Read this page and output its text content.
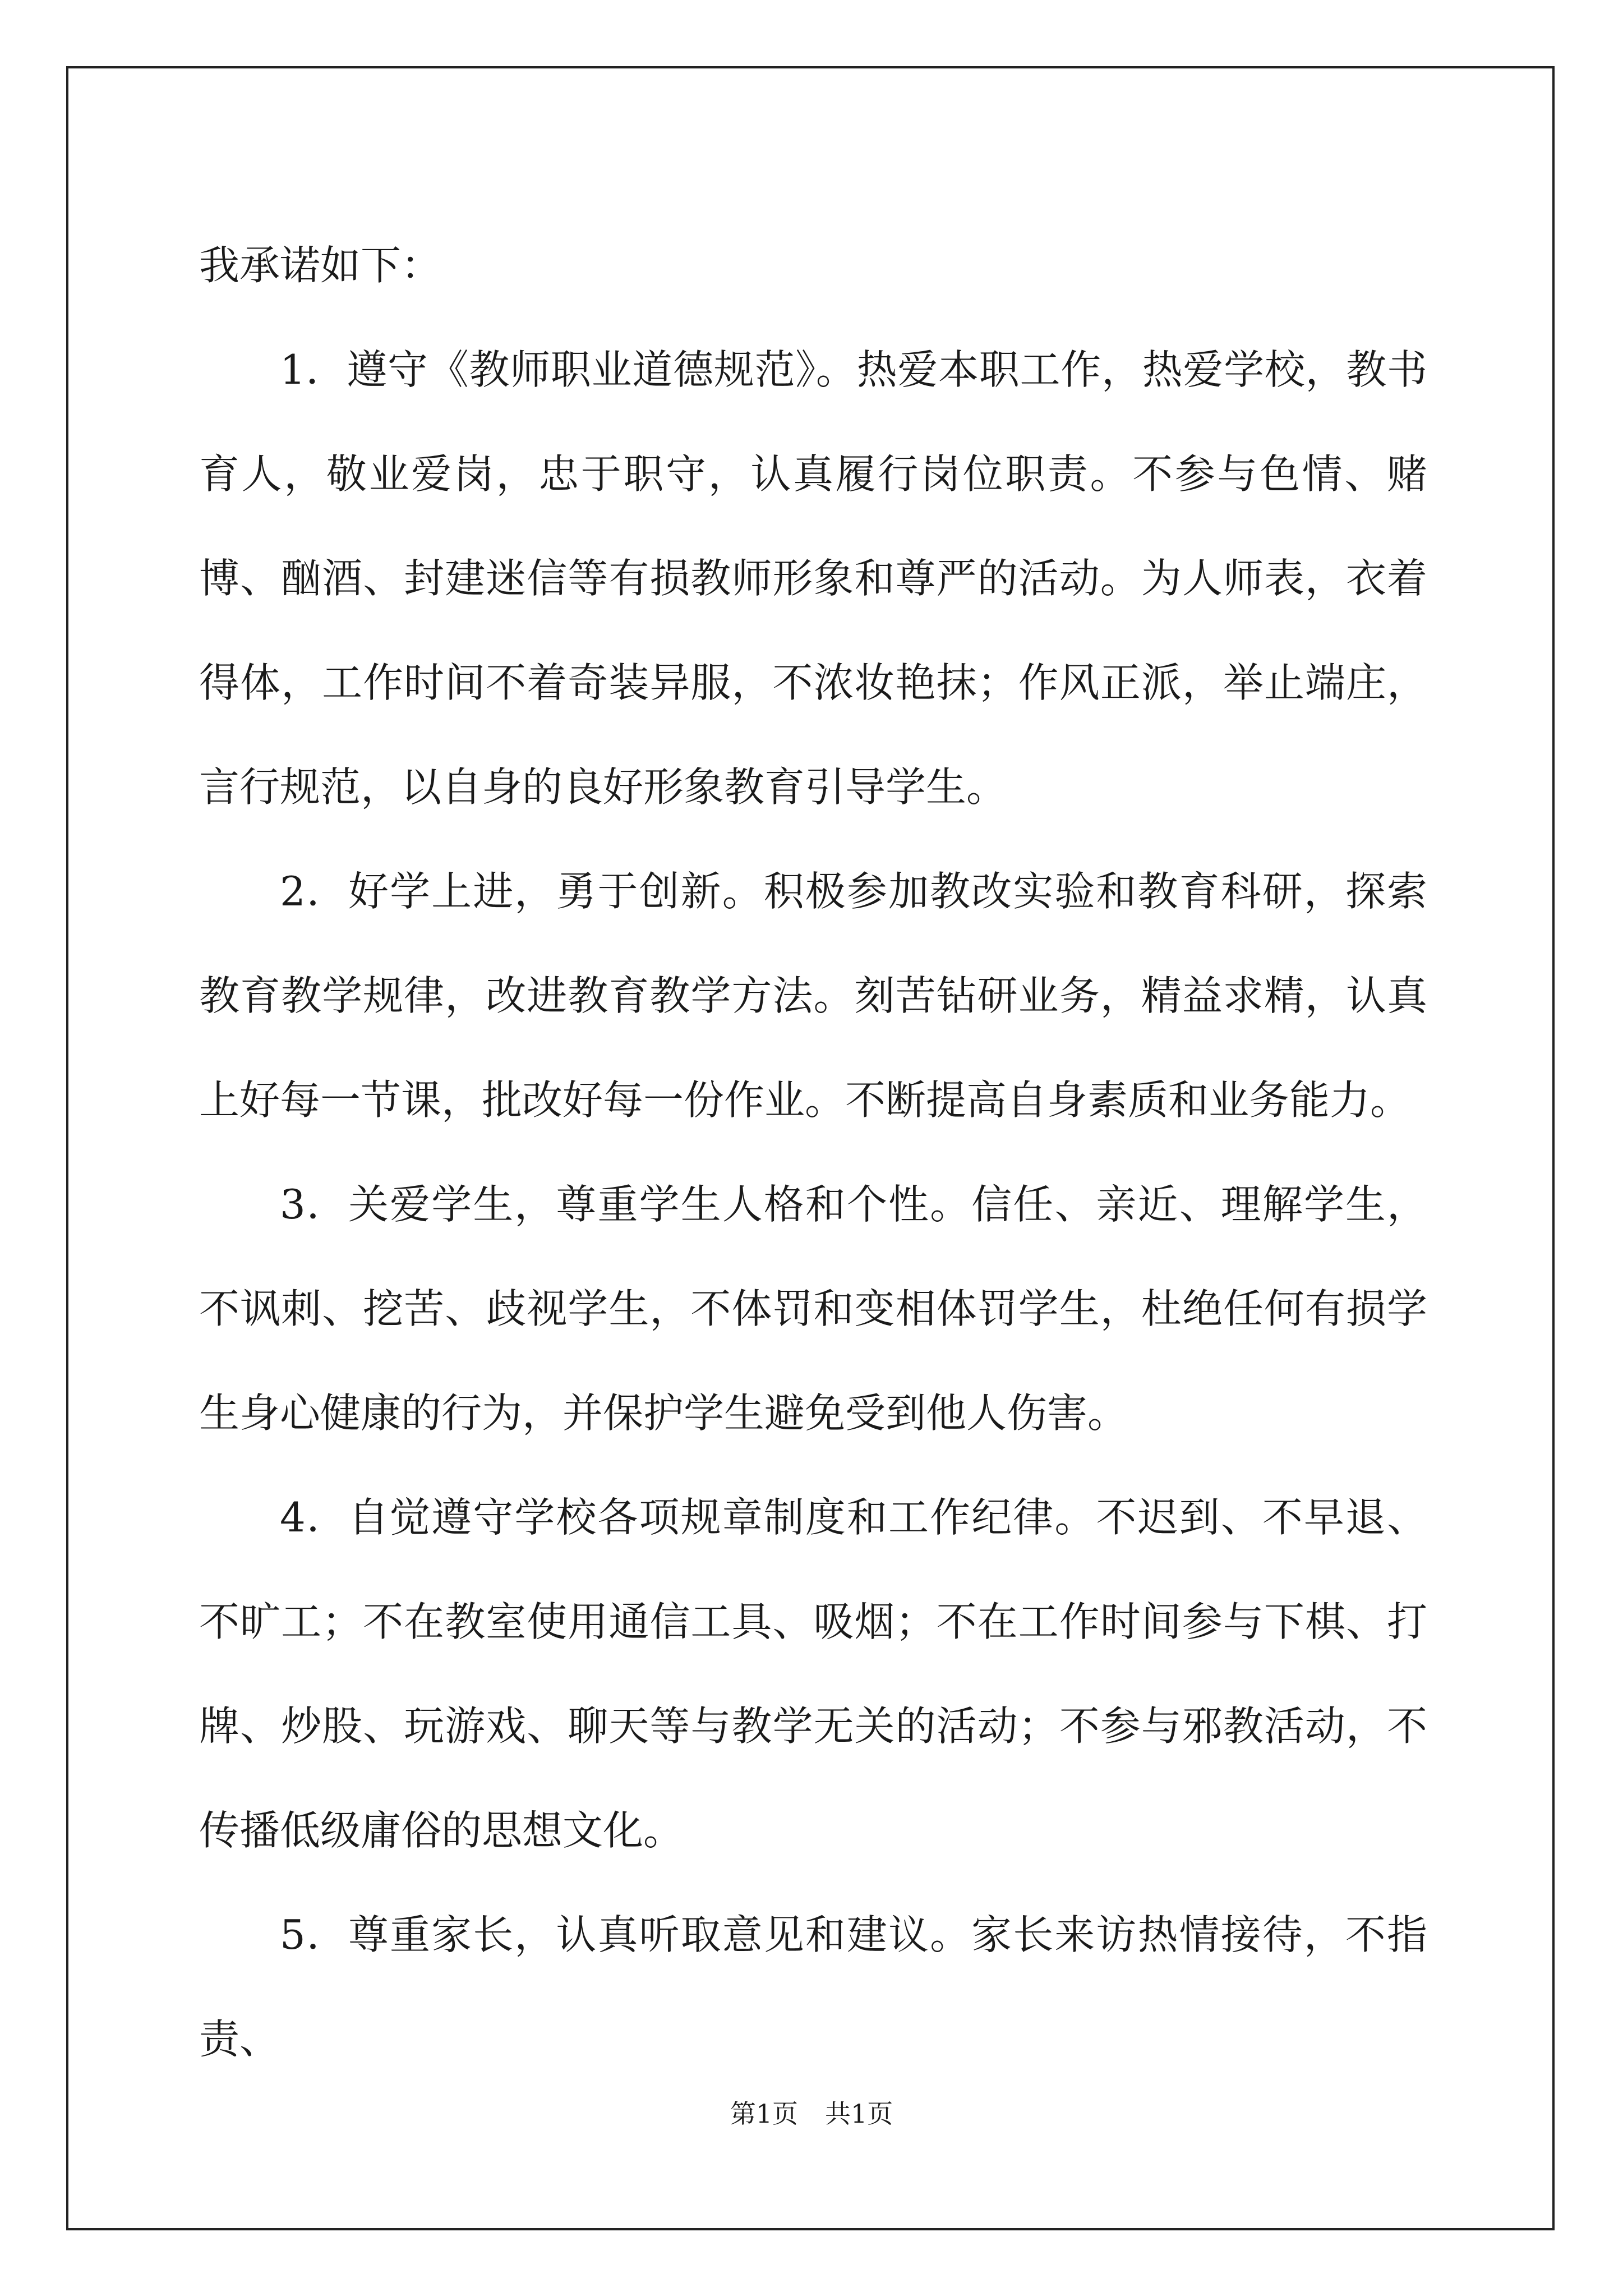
我承诺如下：

1．遵守《教师职业道德规范》。热爱本职工作，热爱学校，教书育人，敬业爱岗，忠于职守，认真履行岗位职责。不参与色情、赌博、酗酒、封建迷信等有损教师形象和尊严的活动。为人师表，衣着得体，工作时间不着奇装异服，不浓妆艳抹；作风正派，举止端庄，言行规范，以自身的良好形象教育引导学生。

2．好学上进，勇于创新。积极参加教改实验和教育科研，探索教育教学规律，改进教育教学方法。刻苦钻研业务，精益求精，认真上好每一节课，批改好每一份作业。不断提高自身素质和业务能力。

3．关爱学生，尊重学生人格和个性。信任、亲近、理解学生，不讽刺、挖苦、歧视学生，不体罚和变相体罚学生，杜绝任何有损学生身心健康的行为，并保护学生避免受到他人伤害。

4．自觉遵守学校各项规章制度和工作纪律。不迟到、不早退、不旷工；不在教室使用通信工具、吸烟；不在工作时间参与下棋、打牌、炒股、玩游戏、聊天等与教学无关的活动；不参与邪教活动，不传播低级庸俗的思想文化。

5．尊重家长，认真听取意见和建议。家长来访热情接待，不指责、

第1页 共1页
